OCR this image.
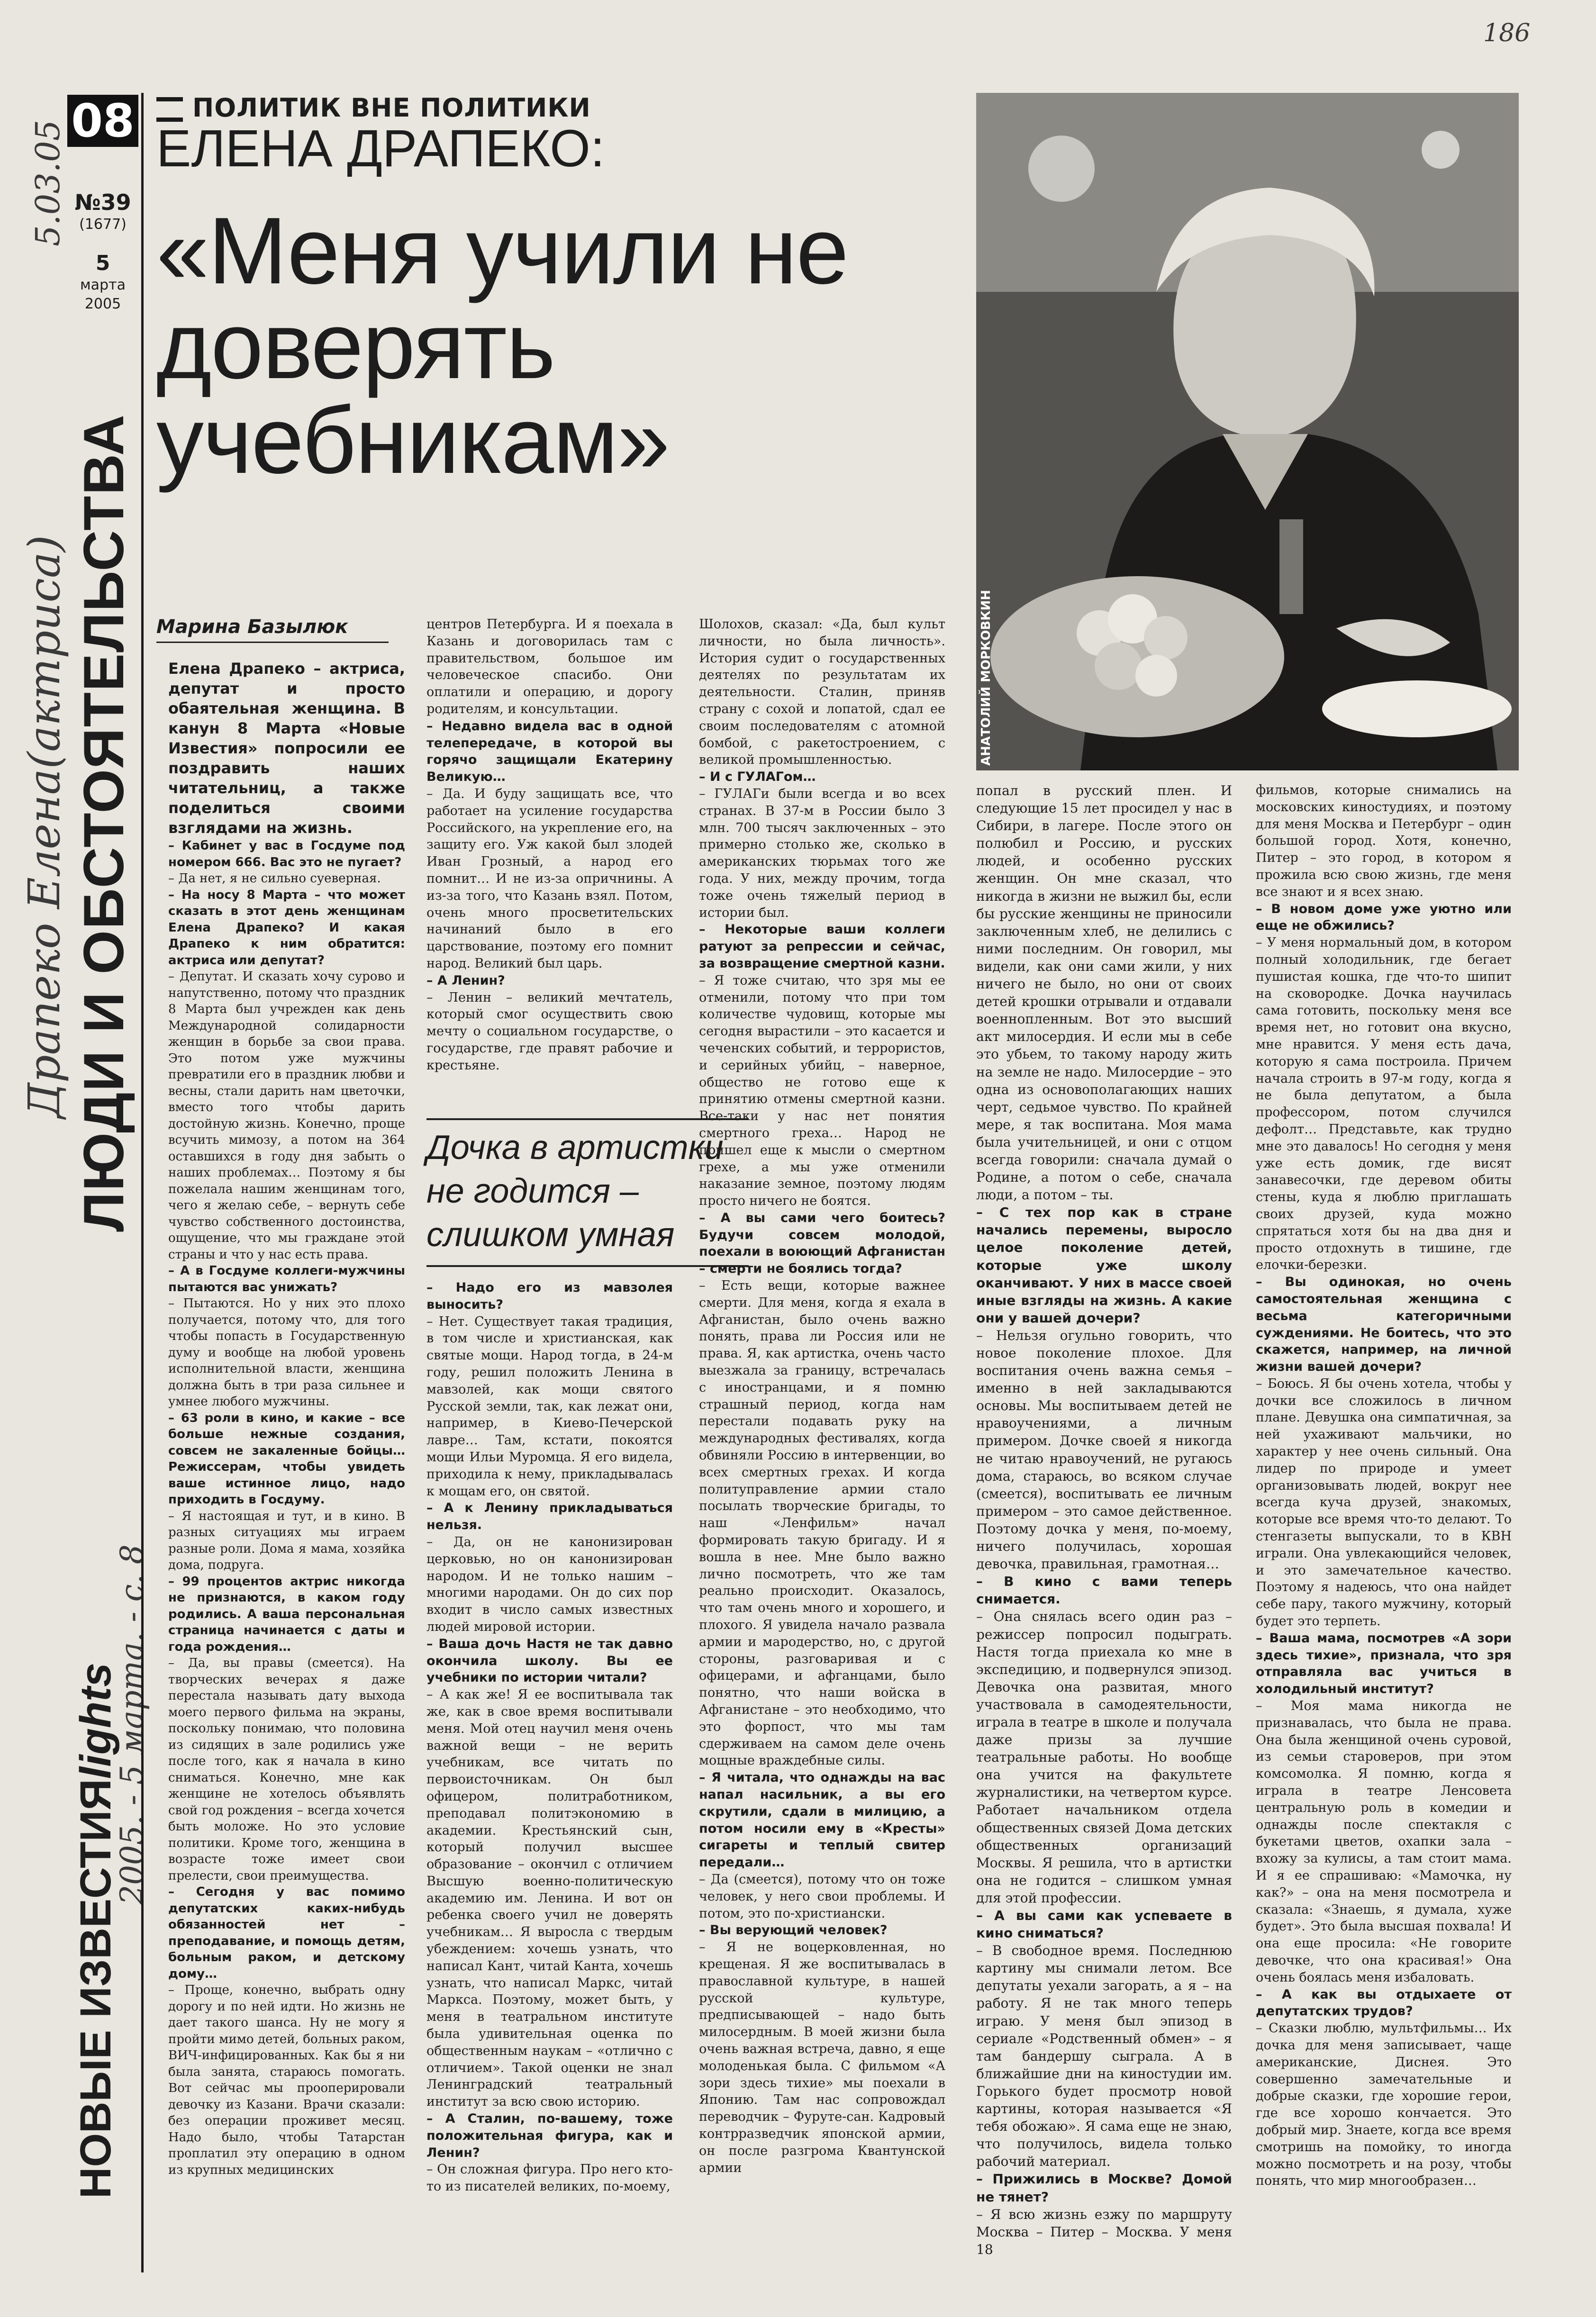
186
5.03.05
Драпеко Елена(актриса)
2005. - 5 марта. - с. 8
08
№39
(1677)
5
марта
2005
ЛЮДИ И ОБСТОЯТЕЛЬСТВА
НОВЫЕ ИЗВЕСТИЯlights
ПОЛИТИК ВНЕ ПОЛИТИКИ
ЕЛЕНА ДРАПЕКО:
«Меня учили не доверять учебникам»
Марина Базылюк	АНАТОЛИЙ МОРКОВКИН
Дочка в артистки не годится – слишком умная

Елена Драпеко – актриса, депутат и просто обаятельная женщина. В канун 8 Марта «Новые Известия» попросили ее поздравить наших читательниц, а также поделиться своими взглядами на жизнь.

– Кабинет у вас в Госдуме под номером 666. Вас это не пугает?

– Да нет, я не сильно суеверная.

– На носу 8 Марта – что может сказать в этот день женщинам Елена Драпеко? И какая Драпеко к ним обратится: актриса или депутат?

– Депутат. И сказать хочу сурово и напутственно, потому что праздник 8 Марта был учрежден как день Международной солидарности женщин в борьбе за свои права. Это потом уже мужчины превратили его в праздник любви и весны, стали дарить нам цветочки, вместо того чтобы дарить достойную жизнь. Конечно, проще всучить мимозу, а потом на 364 оставшихся в году дня забыть о наших проблемах… Поэтому я бы пожелала нашим женщинам того, чего я желаю себе, – вернуть себе чувство собственного достоинства, ощущение, что мы граждане этой страны и что у нас есть права.

– А в Госдуме коллеги-мужчины пытаются вас унижать?

– Пытаются. Но у них это плохо получается, потому что, для того чтобы попасть в Государственную думу и вообще на любой уровень исполнительной власти, женщина должна быть в три раза сильнее и умнее любого мужчины.

– 63 роли в кино, и какие – все больше нежные создания, совсем не закаленные бойцы… Режиссерам, чтобы увидеть ваше истинное лицо, надо приходить в Госдуму.

– Я настоящая и тут, и в кино. В разных ситуациях мы играем разные роли. Дома я мама, хозяйка дома, подруга.

– 99 процентов актрис никогда не признаются, в каком году родились. А ваша персональная страница начинается с даты и года рождения…

– Да, вы правы (смеется). На творческих вечерах я даже перестала называть дату выхода моего первого фильма на экраны, поскольку понимаю, что половина из сидящих в зале родились уже после того, как я начала в кино сниматься. Конечно, мне как женщине не хотелось объявлять свой год рождения – всегда хочется быть моложе. Но это условие политики. Кроме того, женщина в возрасте тоже имеет свои прелести, свои преимущества.

– Сегодня у вас помимо депутатских каких-нибудь обязанностей нет – преподавание, и помощь детям, больным раком, и детскому дому…

– Проще, конечно, выбрать одну дорогу и по ней идти. Но жизнь не дает такого шанса. Ну не могу я пройти мимо детей, больных раком, ВИЧ-инфицированных. Как бы я ни была занята, стараюсь помогать. Вот сейчас мы прооперировали девочку из Казани. Врачи сказали: без операции проживет месяц. Надо было, чтобы Татарстан проплатил эту операцию в одном из крупных медицинских

центров Петербурга. И я поехала в Казань и договорилась там с правительством, большое им человеческое спасибо. Они оплатили и операцию, и дорогу родителям, и консультации.

– Недавно видела вас в одной телепередаче, в которой вы горячо защищали Екатерину Великую…

– Да. И буду защищать все, что работает на усиление государства Российского, на укрепление его, на защиту его. Уж какой был злодей Иван Грозный, а народ его помнит… И не из-за опричнины. А из-за того, что Казань взял. Потом, очень много просветительских начинаний было в его царствование, поэтому его помнит народ. Великий был царь.

– А Ленин?

– Ленин – великий мечтатель, который смог осуществить свою мечту о социальном государстве, о государстве, где правят рабочие и крестьяне.

– Надо его из мавзолея выносить?

– Нет. Существует такая традиция, в том числе и христианская, как святые мощи. Народ тогда, в 24-м году, решил положить Ленина в мавзолей, как мощи святого Русской земли, так, как лежат они, например, в Киево-Печерской лавре… Там, кстати, покоятся мощи Ильи Муромца. Я его видела, приходила к нему, прикладывалась к мощам его, он святой.

– А к Ленину прикладываться нельзя.

– Да, он не канонизирован церковью, но он канонизирован народом. И не только нашим – многими народами. Он до сих пор входит в число самых известных людей мировой истории.

– Ваша дочь Настя не так давно окончила школу. Вы ее учебники по истории читали?

– А как же! Я ее воспитывала так же, как в свое время воспитывали меня. Мой отец научил меня очень важной вещи – не верить учебникам, все читать по первоисточникам. Он был офицером, политработником, преподавал политэкономию в академии. Крестьянский сын, который получил высшее образование – окончил с отличием Высшую военно-политическую академию им. Ленина. И вот он ребенка своего учил не доверять учебникам… Я выросла с твердым убеждением: хочешь узнать, что написал Кант, читай Канта, хочешь узнать, что написал Маркс, читай Маркса. Поэтому, может быть, у меня в театральном институте была удивительная оценка по общественным наукам – «отлично с отличием». Такой оценки не знал Ленинградский театральный институт за всю свою историю.

– А Сталин, по-вашему, тоже положительная фигура, как и Ленин?

– Он сложная фигура. Про него кто-то из писателей великих, по-моему,

Шолохов, сказал: «Да, был культ личности, но была личность». История судит о государственных деятелях по результатам их деятельности. Сталин, приняв страну с сохой и лопатой, сдал ее своим последователям с атомной бомбой, с ракетостроением, с великой промышленностью.

– И с ГУЛАГом…

– ГУЛАГи были всегда и во всех странах. В 37-м в России было 3 млн. 700 тысяч заключенных – это примерно столько же, сколько в американских тюрьмах того же года. У них, между прочим, тогда тоже очень тяжелый период в истории был.

– Некоторые ваши коллеги ратуют за репрессии и сейчас, за возвращение смертной казни.

– Я тоже считаю, что зря мы ее отменили, потому что при том количестве чудовищ, которые мы сегодня вырастили – это касается и чеченских событий, и террористов, и серийных убийц, – наверное, общество не готово еще к принятию отмены смертной казни. Все-таки у нас нет понятия смертного греха… Народ не пришел еще к мысли о смертном грехе, а мы уже отменили наказание земное, поэтому людям просто ничего не боятся.

– А вы сами чего боитесь? Будучи совсем молодой, поехали в воюющий Афганистан – смерти не боялись тогда?

– Есть вещи, которые важнее смерти. Для меня, когда я ехала в Афганистан, было очень важно понять, права ли Россия или не права. Я, как артистка, очень часто выезжала за границу, встречалась с иностранцами, и я помню страшный период, когда нам перестали подавать руку на международных фестивалях, когда обвиняли Россию в интервенции, во всех смертных грехах. И когда политуправление армии стало посылать творческие бригады, то наш «Ленфильм» начал формировать такую бригаду. И я вошла в нее. Мне было важно лично посмотреть, что же там реально происходит. Оказалось, что там очень много и хорошего, и плохого. Я увидела начало развала армии и мародерство, но, с другой стороны, разговаривая и с офицерами, и афганцами, было понятно, что наши войска в Афганистане – это необходимо, что это форпост, что мы там сдерживаем на самом деле очень мощные враждебные силы.

– Я читала, что однажды на вас напал насильник, а вы его скрутили, сдали в милицию, а потом носили ему в «Кресты» сигареты и теплый свитер передали…

– Да (смеется), потому что он тоже человек, у него свои проблемы. И потом, это по-христиански.

– Вы верующий человек?

– Я не воцерковленная, но крещеная. Я же воспитывалась в православной культуре, в нашей русской культуре, предписывающей – надо быть милосердным. В моей жизни была очень важная встреча, давно, я еще молоденькая была. С фильмом «А зори здесь тихие» мы поехали в Японию. Там нас сопровождал переводчик – Фуруте-сан. Кадровый контрразведчик японской армии, он после разгрома Квантунской армии

попал в русский плен. И следующие 15 лет просидел у нас в Сибири, в лагере. После этого он полюбил и Россию, и русских людей, и особенно русских женщин. Он мне сказал, что никогда в жизни не выжил бы, если бы русские женщины не приносили заключенным хлеб, не делились с ними последним. Он говорил, мы видели, как они сами жили, у них ничего не было, но они от своих детей крошки отрывали и отдавали военнопленным. Вот это высший акт милосердия. И если мы в себе это убьем, то такому народу жить на земле не надо. Милосердие – это одна из основополагающих наших черт, седьмое чувство. По крайней мере, я так воспитана. Моя мама была учительницей, и они с отцом всегда говорили: сначала думай о Родине, а потом о себе, сначала люди, а потом – ты.

– С тех пор как в стране начались перемены, выросло целое поколение детей, которые уже школу оканчивают. У них в массе своей иные взгляды на жизнь. А какие они у вашей дочери?

– Нельзя огульно говорить, что новое поколение плохое. Для воспитания очень важна семья – именно в ней закладываются основы. Мы воспитываем детей не нравоучениями, а личным примером. Дочке своей я никогда не читаю нравоучений, не ругаюсь дома, стараюсь, во всяком случае (смеется), воспитывать ее личным примером – это самое действенное. Поэтому дочка у меня, по-моему, ничего получилась, хорошая девочка, правильная, грамотная…

– В кино с вами теперь снимается.

– Она снялась всего один раз – режиссер попросил подыграть. Настя тогда приехала ко мне в экспедицию, и подвернулся эпизод. Девочка она развитая, много участвовала в самодеятельности, играла в театре в школе и получала даже призы за лучшие театральные работы. Но вообще она учится на факультете журналистики, на четвертом курсе. Работает начальником отдела общественных связей Дома детских общественных организаций Москвы. Я решила, что в артистки она не годится – слишком умная для этой профессии.

– А вы сами как успеваете в кино сниматься?

– В свободное время. Последнюю картину мы снимали летом. Все депутаты уехали загорать, а я – на работу. Я не так много теперь играю. У меня был эпизод в сериале «Родственный обмен» – я там бандершу сыграла. А в ближайшие дни на киностудии им. Горького будет просмотр новой картины, которая называется «Я тебя обожаю». Я сама еще не знаю, что получилось, видела только рабочий материал.

– Прижились в Москве? Домой не тянет?

– Я всю жизнь езжу по маршруту Москва – Питер – Москва. У меня 18

фильмов, которые снимались на московских киностудиях, и поэтому для меня Москва и Петербург – один большой город. Хотя, конечно, Питер – это город, в котором я прожила всю свою жизнь, где меня все знают и я всех знаю.

– В новом доме уже уютно или еще не обжились?

– У меня нормальный дом, в котором полный холодильник, где бегает пушистая кошка, где что-то шипит на сковородке. Дочка научилась сама готовить, поскольку меня все время нет, но готовит она вкусно, мне нравится. У меня есть дача, которую я сама построила. Причем начала строить в 97-м году, когда я не была депутатом, а была профессором, потом случился дефолт… Представьте, как трудно мне это давалось! Но сегодня у меня уже есть домик, где висят занавесочки, где деревом обиты стены, куда я люблю приглашать своих друзей, куда можно спрятаться хотя бы на два дня и просто отдохнуть в тишине, где елочки-березки.

– Вы одинокая, но очень самостоятельная женщина с весьма категоричными суждениями. Не боитесь, что это скажется, например, на личной жизни вашей дочери?

– Боюсь. Я бы очень хотела, чтобы у дочки все сложилось в личном плане. Девушка она симпатичная, за ней ухаживают мальчики, но характер у нее очень сильный. Она лидер по природе и умеет организовывать людей, вокруг нее всегда куча друзей, знакомых, которые все время что-то делают. То стенгазеты выпускали, то в КВН играли. Она увлекающийся человек, и это замечательное качество. Поэтому я надеюсь, что она найдет себе пару, такого мужчину, который будет это терпеть.

– Ваша мама, посмотрев «А зори здесь тихие», признала, что зря отправляла вас учиться в холодильный институт?

– Моя мама никогда не признавалась, что была не права. Она была женщиной очень суровой, из семьи староверов, при этом комсомолка. Я помню, когда я играла в театре Ленсовета центральную роль в комедии и однажды после спектакля с букетами цветов, охапки зала – вхожу за кулисы, а там стоит мама. И я ее спрашиваю: «Мамочка, ну как?» – она на меня посмотрела и сказала: «Знаешь, я думала, хуже будет». Это была высшая похвала! И она еще просила: «Не говорите девочке, что она красивая!» Она очень боялась меня избаловать.

– А как вы отдыхаете от депутатских трудов?

– Сказки люблю, мультфильмы… Их дочка для меня записывает, чаще американские, Диснея. Это совершенно замечательные и добрые сказки, где хорошие герои, где все хорошо кончается. Это добрый мир. Знаете, когда все время смотришь на помойку, то иногда можно посмотреть и на розу, чтобы понять, что мир многообразен…
